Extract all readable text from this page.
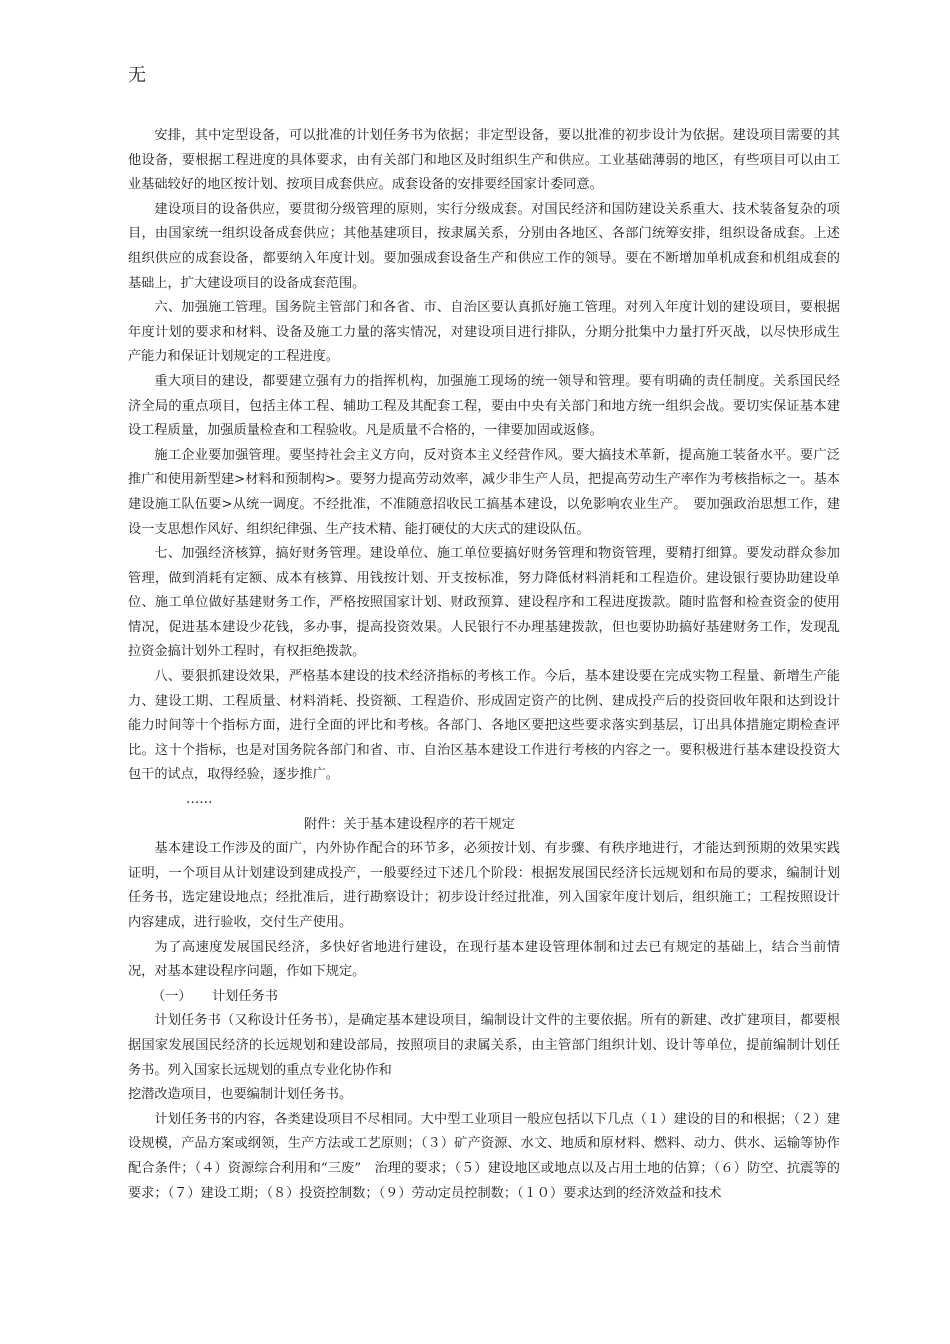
无

安排，其中定型设备，可以批准的计划任务书为依据；非定型设备，要以批准的初步设计为依据。建设项目需要的其他设备，要根据工程进度的具体要求，由有关部门和地区及时组织生产和供应。工业基础薄弱的地区，有些项目可以由工业基础较好的地区按计划、按项目成套供应。成套设备的安排要经国家计委同意。

建设项目的设备供应，要贯彻分级管理的原则，实行分级成套。对国民经济和国防建设关系重大、技术装备复杂的项目，由国家统一组织设备成套供应；其他基建项目，按隶属关系，分别由各地区、各部门统筹安排，组织设备成套。上述组织供应的成套设备，都要纳入年度计划。要加强成套设备生产和供应工作的领导。要在不断增加单机成套和机组成套的基础上，扩大建设项目的设备成套范围。

六、加强施工管理。国务院主管部门和各省、市、自治区要认真抓好施工管理。对列入年度计划的建设项目，要根据年度计划的要求和材料、设备及施工力量的落实情况，对建设项目进行排队，分期分批集中力量打歼灭战，以尽快形成生产能力和保证计划规定的工程进度。

重大项目的建设，都要建立强有力的指挥机构，加强施工现场的统一领导和管理。要有明确的责任制度。关系国民经济全局的重点项目，包括主体工程、辅助工程及其配套工程，要由中央有关部门和地方统一组织会战。要切实保证基本建设工程质量，加强质量检查和工程验收。凡是质量不合格的，一律要加固或返修。

施工企业要加强管理。要坚持社会主义方向，反对资本主义经营作风。要大搞技术革新，提高施工装备水平。要广泛推广和使用新型建>材料和预制构>。要努力提高劳动效率，减少非生产人员，把提高劳动生产率作为考核指标之一。基本建设施工队伍要>从统一调度。不经批准，不准随意招收民工搞基本建设，以免影响农业生产。　要加强政治思想工作，建设一支思想作风好、组织纪律强、生产技术精、能打硬仗的大庆式的建设队伍。

七、加强经济核算，搞好财务管理。建设单位、施工单位要搞好财务管理和物资管理，要精打细算。要发动群众参加管理，做到消耗有定额、成本有核算、用钱按计划、开支按标准，努力降低材料消耗和工程造价。建设银行要协助建设单位、施工单位做好基建财务工作，严格按照国家计划、财政预算、建设程序和工程进度拨款。随时监督和检查资金的使用情况，促进基本建设少花钱，多办事，提高投资效果。人民银行不办理基建拨款，但也要协助搞好基建财务工作，发现乱拉资金搞计划外工程时，有权拒绝拨款。

八、要狠抓建设效果，严格基本建设的技术经济指标的考核工作。今后，基本建设要在完成实物工程量、新增生产能力、建设工期、工程质量、材料消耗、投资额、工程造价、形成固定资产的比例、建成投产后的投资回收年限和达到设计能力时间等十个指标方面，进行全面的评比和考核。各部门、各地区要把这些要求落实到基层，订出具体措施定期检查评比。这十个指标，也是对国务院各部门和省、市、自治区基本建设工作进行考核的内容之一。要积极进行基本建设投资大包干的试点，取得经验，逐步推广。

……

附件：关于基本建设程序的若干规定

基本建设工作涉及的面广，内外协作配合的环节多，必须按计划、有步骤、有秩序地进行，才能达到预期的效果实践证明，一个项目从计划建设到建成投产，一般要经过下述几个阶段：根据发展国民经济长远规划和布局的要求，编制计划任务书，选定建设地点；经批准后，进行勘察设计；初步设计经过批准，列入国家年度计划后，组织施工；工程按照设计内容建成，进行验收，交付生产使用。

为了高速度发展国民经济，多快好省地进行建设，在现行基本建设管理体制和过去已有规定的基础上，结合当前情况，对基本建设程序问题，作如下规定。

（一） 计划任务书

计划任务书（又称设计任务书），是确定基本建设项目，编制设计文件的主要依据。所有的新建、改扩建项目，都要根据国家发展国民经济的长远规划和建设部局，按照项目的隶属关系，由主管部门组织计划、设计等单位，提前编制计划任务书。列入国家长远规划的重点专业化协作和

挖潜改造项目，也要编制计划任务书。

计划任务书的内容，各类建设项目不尽相同。大中型工业项目一般应包括以下几点（１）建设的目的和根据；（２）建设规模，产品方案或纲领，生产方法或工艺原则；（３）矿产资源、水文、地质和原材料、燃料、动力、供水、运输等协作配合条件；（４）资源综合利用和“三废”　治理的要求；（５）建设地区或地点以及占用土地的估算；（６）防空、抗震等的要求；（７）建设工期；（８）投资控制数；（９）劳动定员控制数；（１０）要求达到的经济效益和技术
